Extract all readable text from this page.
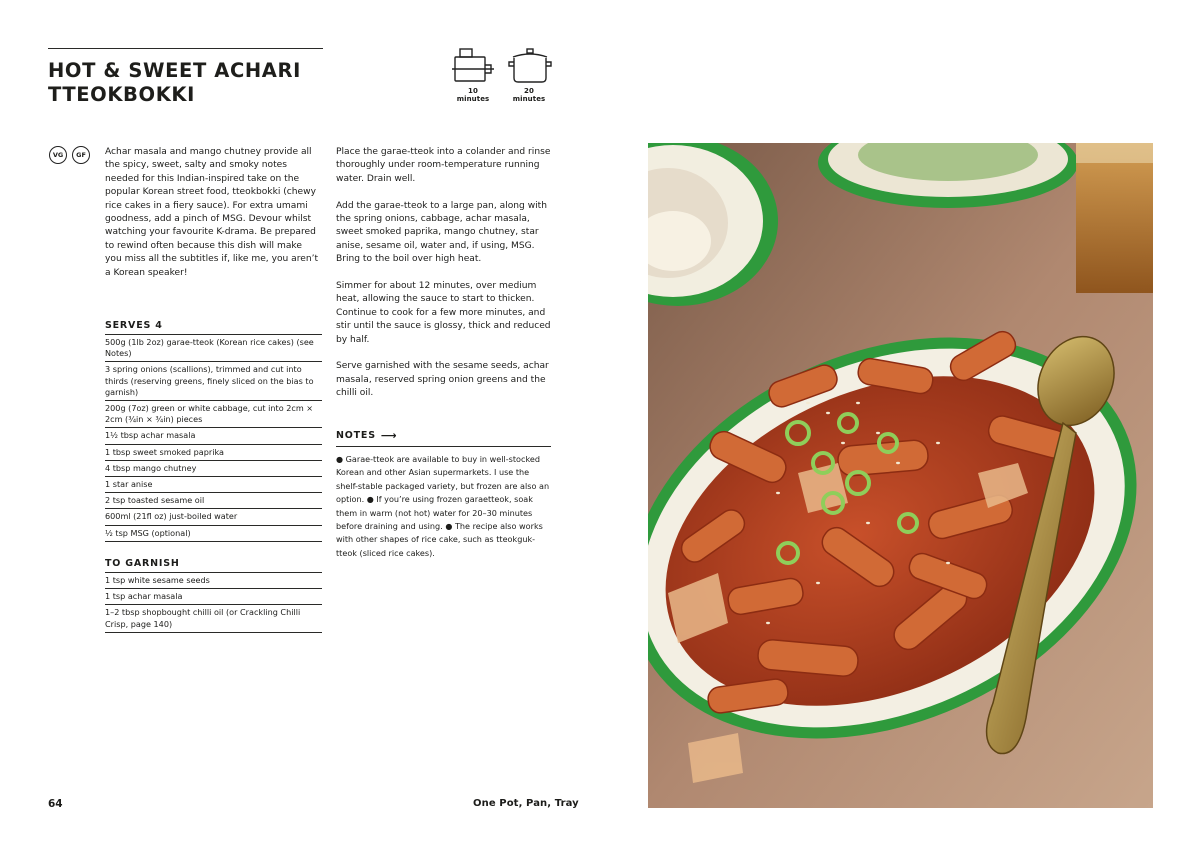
HOT & SWEET ACHARI
TTEOKBOKKI	10 minutes
20 minutes
VG	GF	Achar masala and mango chutney provide all the spicy, sweet, salty and smoky notes needed for this Indian-inspired take on the popular Korean street food, tteokbokki (chewy rice cakes in a fiery sauce). For extra umami goodness, add a pinch of MSG. Devour whilst watching your favourite K-drama. Be prepared to rewind often because this dish will make you miss all the subtitles if, like me, you aren’t a Korean speaker!

SERVES 4
500g (1lb 2oz) garae-tteok (Korean rice cakes) (see Notes)
3 spring onions (scallions), trimmed and cut into thirds (reserving greens, finely sliced on the bias to garnish)
200g (7oz) green or white cabbage, cut into 2cm × 2cm (¾in × ¾in) pieces
1½ tbsp achar masala
1 tbsp sweet smoked paprika
4 tbsp mango chutney
1 star anise
2 tsp toasted sesame oil
600ml (21fl oz) just-boiled water
½ tsp MSG (optional)
TO GARNISH
1 tsp white sesame seeds
1 tsp achar masala
1–2 tbsp shopbought chilli oil (or Crackling Chilli Crisp, page 140)

Place the garae-tteok into a colander and rinse thoroughly under room-temperature running water. Drain well.

Add the garae-tteok to a large pan, along with the spring onions, cabbage, achar masala, sweet smoked paprika, mango chutney, star anise, sesame oil, water and, if using, MSG. Bring to the boil over high heat.

Simmer for about 12 minutes, over medium heat, allowing the sauce to start to thicken. Continue to cook for a few more minutes, and stir until the sauce is glossy, thick and reduced by half.

Serve garnished with the sesame seeds, achar masala, reserved spring onion greens and the chilli oil.

NOTES ⟶

● Garae-tteok are available to buy in well-stocked Korean and other Asian supermarkets. I use the shelf-stable packaged variety, but frozen are also an option. ● If you’re using frozen garaetteok, soak them in warm (not hot) water for 20–30 minutes before draining and using. ● The recipe also works with other shapes of rice cake, such as tteokguk-tteok (sliced rice cakes).

64	One Pot, Pan, Tray
